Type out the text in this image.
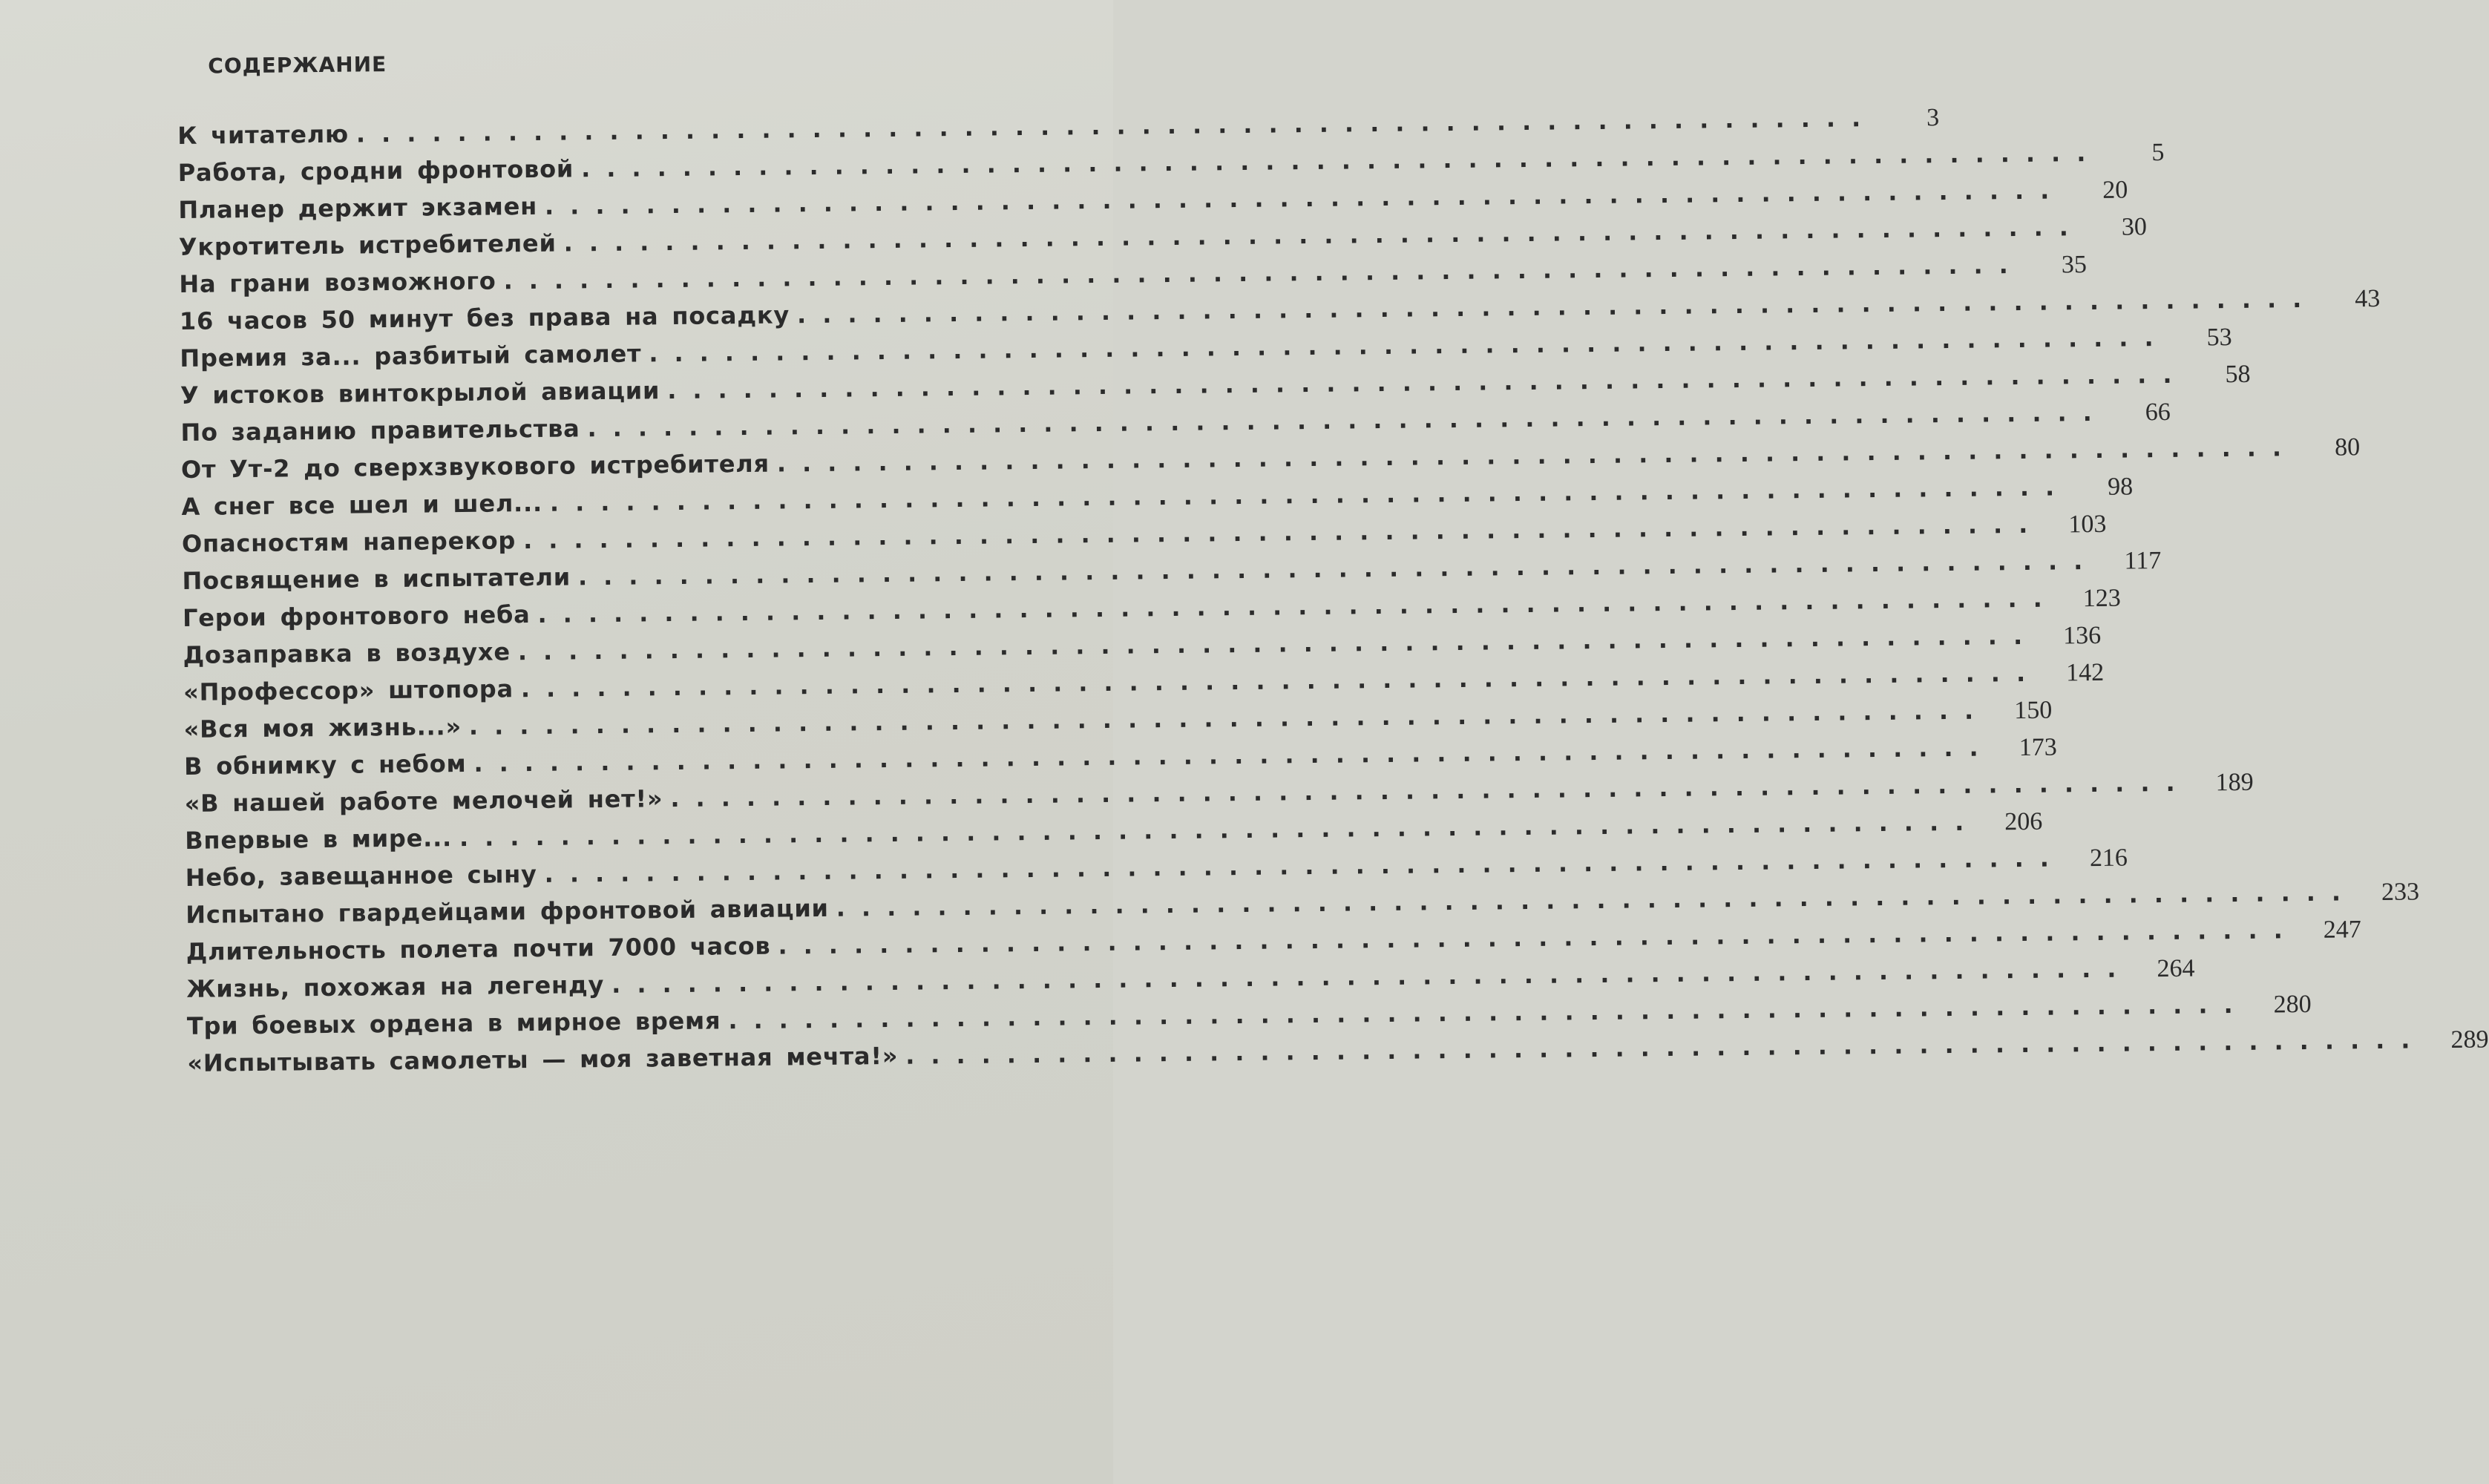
СОДЕРЖАНИЕ
К читателю ............................................................	3
Работа, сродни фронтовой ............................................................	5
Планер держит экзамен ............................................................	20
Укротитель истребителей ............................................................	30
На грани возможного ............................................................	35
16 часов 50 минут без права на посадку ............................................................	43
Премия за... разбитый самолет ............................................................	53
У истоков винтокрылой авиации ............................................................	58
По заданию правительства ............................................................	66
От Ут-2 до сверхзвукового истребителя ............................................................	80
А снег все шел и шел... ............................................................	98
Опасностям наперекор ............................................................ 103
Посвящение в испытатели ............................................................ 117
Герои фронтового неба ............................................................ 123
Дозаправка в воздухе ............................................................ 136
«Профессор» штопора ............................................................ 142
«Вся моя жизнь...» ............................................................ 150
В обнимку с небом ............................................................ 173
«В нашей работе мелочей нет!» ............................................................ 189
Впервые в мире... ............................................................ 206
Небо, завещанное сыну ............................................................ 216
Испытано гвардейцами фронтовой авиации ............................................................ 233
Длительность полета почти 7000 часов ............................................................ 247
Жизнь, похожая на легенду ............................................................ 264
Три боевых ордена в мирное время ............................................................ 280
«Испытывать самолеты — моя заветная мечта!» ............................................................ 289
